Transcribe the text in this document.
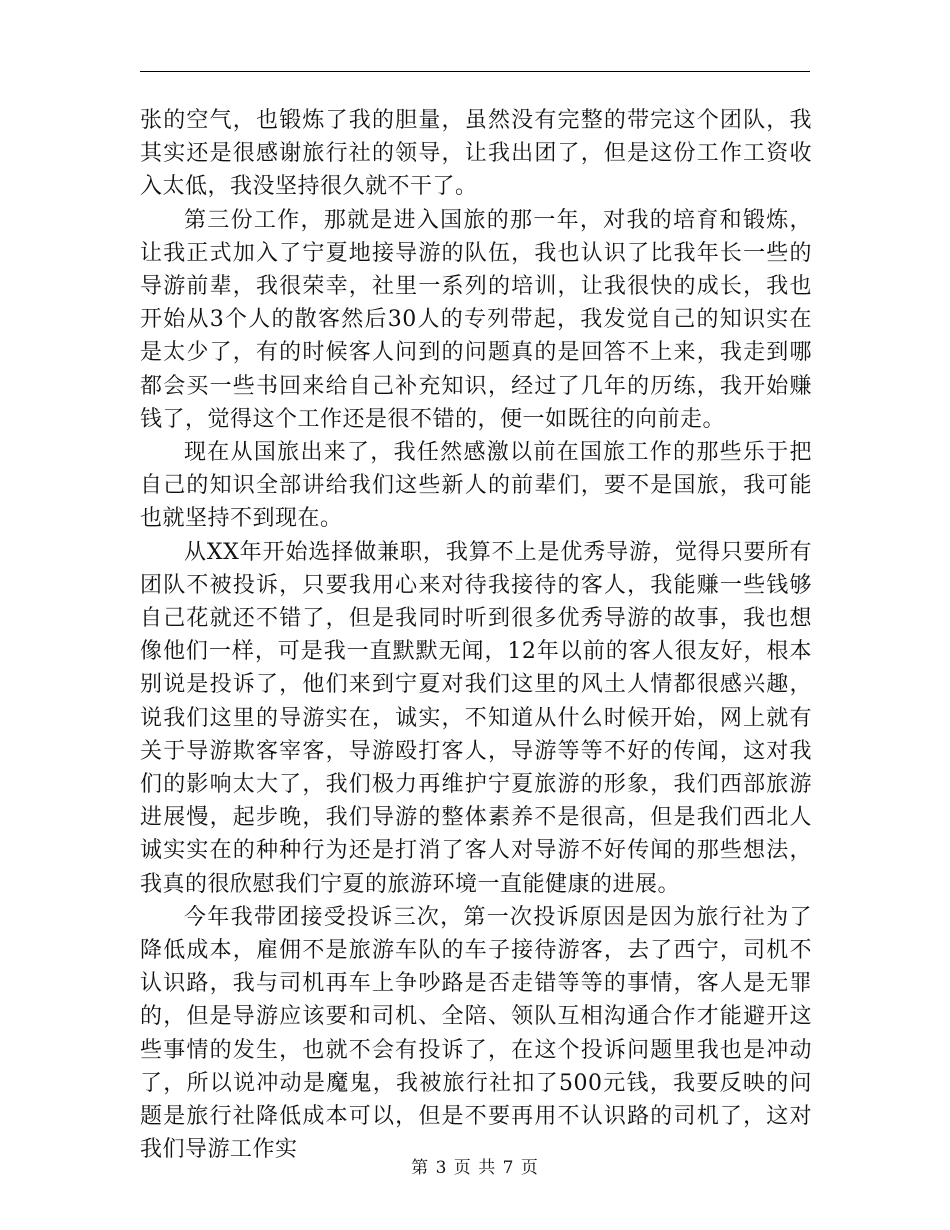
张的空气，也锻炼了我的胆量，虽然没有完整的带完这个团队，我其实还是很感谢旅行社的领导，让我出团了，但是这份工作工资收入太低，我没坚持很久就不干了。

第三份工作，那就是进入国旅的那一年，对我的培育和锻炼，让我正式加入了宁夏地接导游的队伍，我也认识了比我年长一些的导游前辈，我很荣幸，社里一系列的培训，让我很快的成长，我也开始从3个人的散客然后30人的专列带起，我发觉自己的知识实在是太少了，有的时候客人问到的问题真的是回答不上来，我走到哪都会买一些书回来给自己补充知识，经过了几年的历练，我开始赚钱了，觉得这个工作还是很不错的，便一如既往的向前走。

现在从国旅出来了，我任然感激以前在国旅工作的那些乐于把自己的知识全部讲给我们这些新人的前辈们，要不是国旅，我可能也就坚持不到现在。

从XX年开始选择做兼职，我算不上是优秀导游，觉得只要所有团队不被投诉，只要我用心来对待我接待的客人，我能赚一些钱够自己花就还不错了，但是我同时听到很多优秀导游的故事，我也想像他们一样，可是我一直默默无闻，12年以前的客人很友好，根本别说是投诉了，他们来到宁夏对我们这里的风土人情都很感兴趣，说我们这里的导游实在，诚实，不知道从什么时候开始，网上就有关于导游欺客宰客，导游殴打客人，导游等等不好的传闻，这对我们的影响太大了，我们极力再维护宁夏旅游的形象，我们西部旅游进展慢，起步晚，我们导游的整体素养不是很高，但是我们西北人诚实实在的种种行为还是打消了客人对导游不好传闻的那些想法，我真的很欣慰我们宁夏的旅游环境一直能健康的进展。

今年我带团接受投诉三次，第一次投诉原因是因为旅行社为了降低成本，雇佣不是旅游车队的车子接待游客，去了西宁，司机不认识路，我与司机再车上争吵路是否走错等等的事情，客人是无罪的，但是导游应该要和司机、全陪、领队互相沟通合作才能避开这些事情的发生，也就不会有投诉了，在这个投诉问题里我也是冲动了，所以说冲动是魔鬼，我被旅行社扣了500元钱，我要反映的问题是旅行社降低成本可以，但是不要再用不认识路的司机了，这对我们导游工作实

第 3 页 共 7 页
